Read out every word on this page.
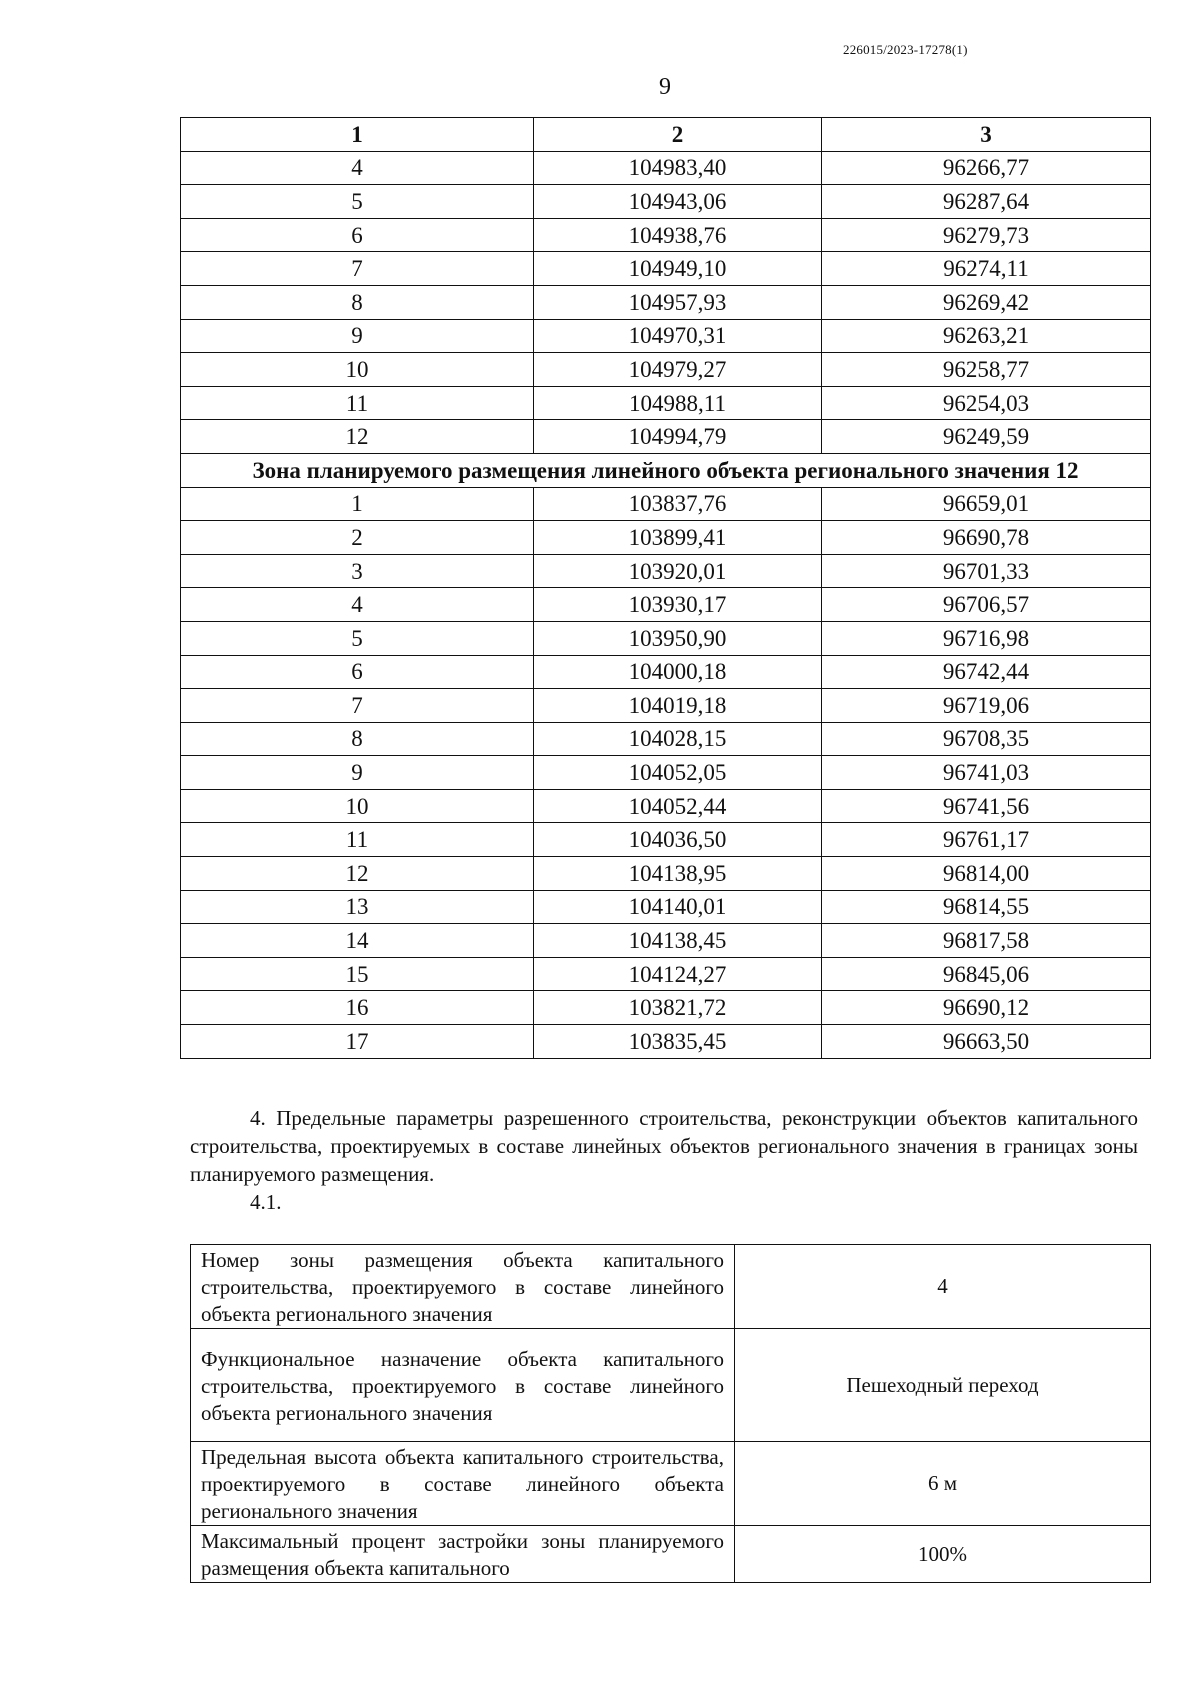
226015/2023-17278(1)
9
1	2	3
4	104983,40	96266,77
5	104943,06	96287,64
6	104938,76	96279,73
7	104949,10	96274,11
8	104957,93	96269,42
9	104970,31	96263,21
10	104979,27	96258,77
11	104988,11	96254,03
12	104994,79	96249,59
Зона планируемого размещения линейного объекта регионального значения 12		
1	103837,76	96659,01
2	103899,41	96690,78
3	103920,01	96701,33
4	103930,17	96706,57
5	103950,90	96716,98
6	104000,18	96742,44
7	104019,18	96719,06
8	104028,15	96708,35
9	104052,05	96741,03
10	104052,44	96741,56
11	104036,50	96761,17
12	104138,95	96814,00
13	104140,01	96814,55
14	104138,45	96817,58
15	104124,27	96845,06
16	103821,72	96690,12
17	103835,45	96663,50
4. Предельные параметры разрешенного строительства, реконструкции объектов капитального строительства, проектируемых в составе линейных объектов регионального значения в границах зоны планируемого размещения.
4.1.
Номер зоны размещения объекта капитального строительства, проектируемого в составе линейного объекта регионального значения	4
Функциональное назначение объекта капитального строительства, проектируемого в составе линейного объекта регионального значения	Пешеходный переход
Предельная высота объекта капитального строительства, проектируемого в составе линейного объекта регионального значения	6 м
Максимальный процент застройки зоны планируемого размещения объекта капитального	100%
